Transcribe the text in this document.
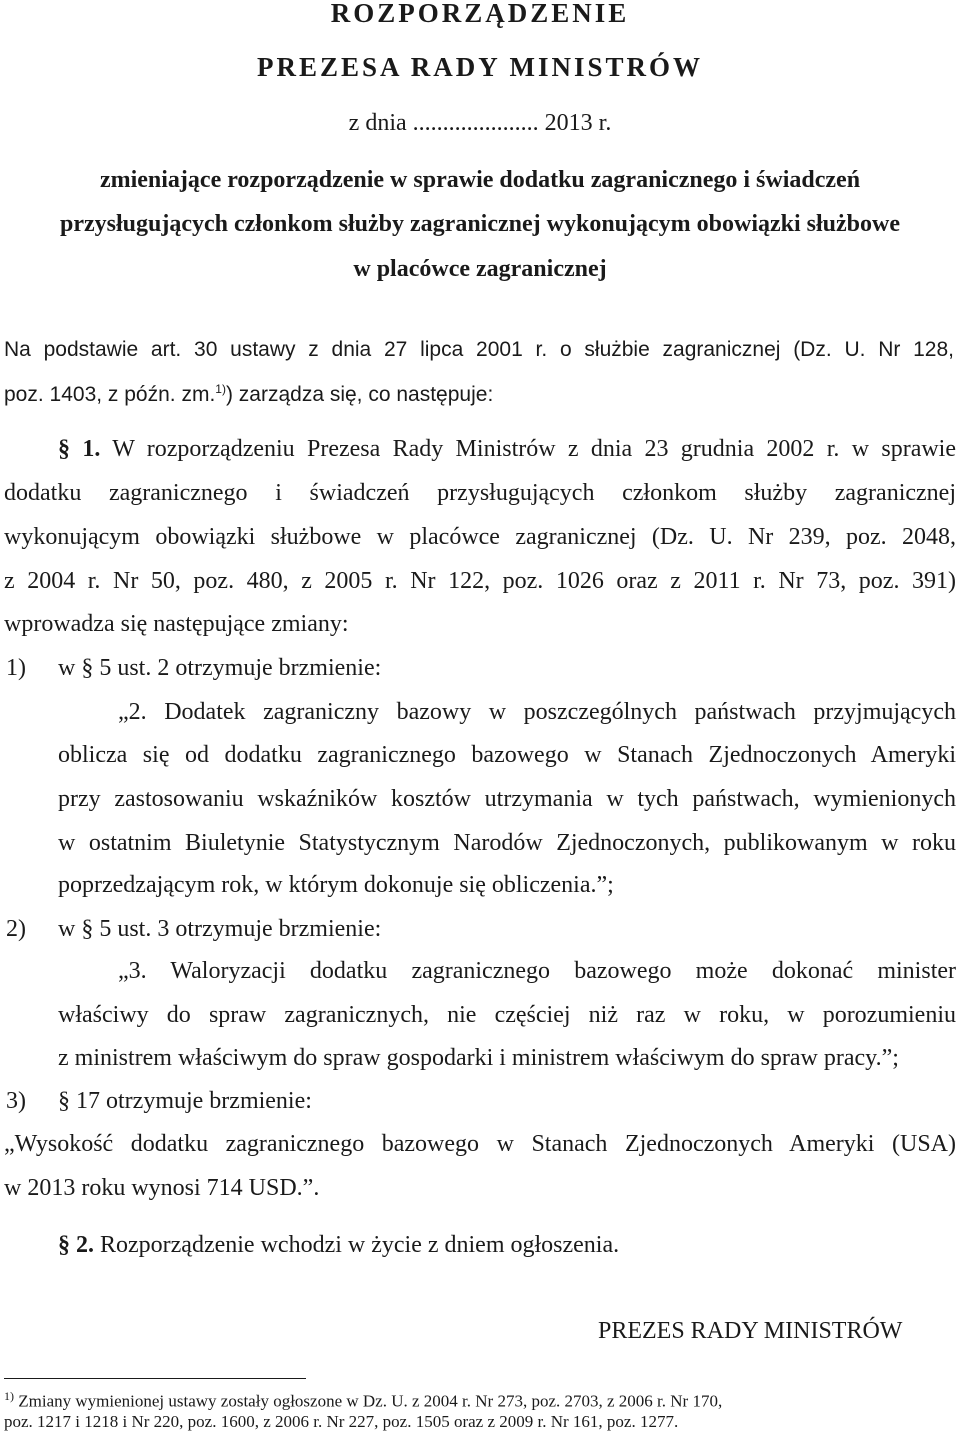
ROZPORZĄDZENIE
PREZESA RADY MINISTRÓW
z dnia ..................... 2013 r.
zmieniające rozporządzenie w sprawie dodatku zagranicznego i świadczeń
przysługujących członkom służby zagranicznej wykonującym obowiązki służbowe
w placówce zagranicznej
Na podstawie art. 30 ustawy z dnia 27 lipca 2001 r. o służbie zagranicznej (Dz. U. Nr 128,
poz. 1403, z późn. zm.$^{1)}$) zarządza się, co następuje:
§ 1. W rozporządzeniu Prezesa Rady Ministrów z dnia 23 grudnia 2002 r. w sprawie
dodatku zagranicznego i świadczeń przysługujących członkom służby zagranicznej
wykonującym obowiązki służbowe w placówce zagranicznej (Dz. U. Nr 239, poz. 2048,
z 2004 r. Nr 50, poz. 480, z 2005 r. Nr 122, poz. 1026 oraz z 2011 r. Nr 73, poz. 391)
wprowadza się następujące zmiany:
1) w § 5 ust. 2 otrzymuje brzmienie:
„2. Dodatek zagraniczny bazowy w poszczególnych państwach przyjmujących
oblicza się od dodatku zagranicznego bazowego w Stanach Zjednoczonych Ameryki
przy zastosowaniu wskaźników kosztów utrzymania w tych państwach, wymienionych
w ostatnim Biuletynie Statystycznym Narodów Zjednoczonych, publikowanym w roku
poprzedzającym rok, w którym dokonuje się obliczenia.”;
2) w § 5 ust. 3 otrzymuje brzmienie:
„3. Waloryzacji dodatku zagranicznego bazowego może dokonać minister
właściwy do spraw zagranicznych, nie częściej niż raz w roku, w porozumieniu
z ministrem właściwym do spraw gospodarki i ministrem właściwym do spraw pracy.”;
3) § 17 otrzymuje brzmienie:
„Wysokość dodatku zagranicznego bazowego w Stanach Zjednoczonych Ameryki (USA)
w 2013 roku wynosi 714 USD.”.
§ 2. Rozporządzenie wchodzi w życie z dniem ogłoszenia.
PREZES RADY MINISTRÓW
$^{1)}$ Zmiany wymienionej ustawy zostały ogłoszone w Dz. U. z 2004 r. Nr 273, poz. 2703, z 2006 r. Nr 170,
poz. 1217 i 1218 i Nr 220, poz. 1600, z 2006 r. Nr 227, poz. 1505 oraz z 2009 r. Nr 161, poz. 1277.
